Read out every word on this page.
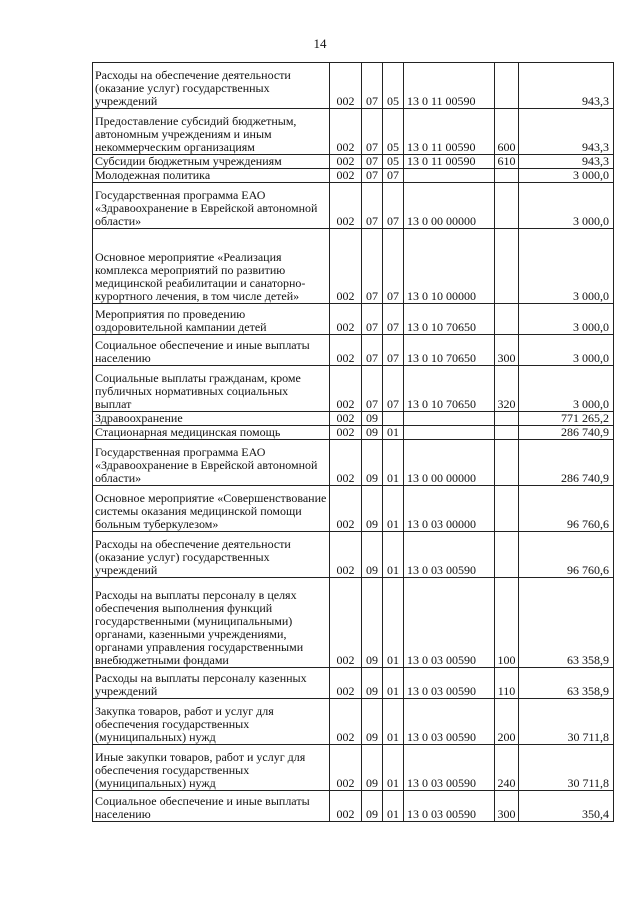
14
Расходы на обеспечение деятельности (оказание услуг) государственных учреждений	002	07	05	13 0 11 00590		943,3
Предоставление субсидий бюджетным, автономным учреждениям и иным некоммерческим организациям	002	07	05	13 0 11 00590	600	943,3
Субсидии бюджетным учреждениям	002	07	05	13 0 11 00590	610	943,3
Молодежная политика	002	07	07			3 000,0
Государственная программа ЕАО «Здравоохранение в Еврейской автономной области»	002	07	07	13 0 00 00000		3 000,0
Основное мероприятие «Реализация комплекса мероприятий по развитию медицинской реабилитации и санаторно-курортного лечения, в том числе детей»	002	07	07	13 0 10 00000		3 000,0
Мероприятия по проведению оздоровительной кампании детей	002	07	07	13 0 10 70650		3 000,0
Социальное обеспечение и иные выплаты населению	002	07	07	13 0 10 70650	300	3 000,0
Социальные выплаты гражданам, кроме публичных нормативных социальных выплат	002	07	07	13 0 10 70650	320	3 000,0
Здравоохранение	002	09				771 265,2
Стационарная медицинская помощь	002	09	01			286 740,9
Государственная программа ЕАО «Здравоохранение в Еврейской автономной области»	002	09	01	13 0 00 00000		286 740,9
Основное мероприятие «Совершенствование системы оказания медицинской помощи больным туберкулезом»	002	09	01	13 0 03 00000		96 760,6
Расходы на обеспечение деятельности (оказание услуг) государственных учреждений	002	09	01	13 0 03 00590		96 760,6
Расходы на выплаты персоналу в целях обеспечения выполнения функций государственными (муниципальными) органами, казенными учреждениями, органами управления государственными внебюджетными фондами	002	09	01	13 0 03 00590	100	63 358,9
Расходы на выплаты персоналу казенных учреждений	002	09	01	13 0 03 00590	110	63 358,9
Закупка товаров, работ и услуг для обеспечения государственных (муниципальных) нужд	002	09	01	13 0 03 00590	200	30 711,8
Иные закупки товаров, работ и услуг для обеспечения государственных (муниципальных) нужд	002	09	01	13 0 03 00590	240	30 711,8
Социальное обеспечение и иные выплаты населению	002	09	01	13 0 03 00590	300	350,4
